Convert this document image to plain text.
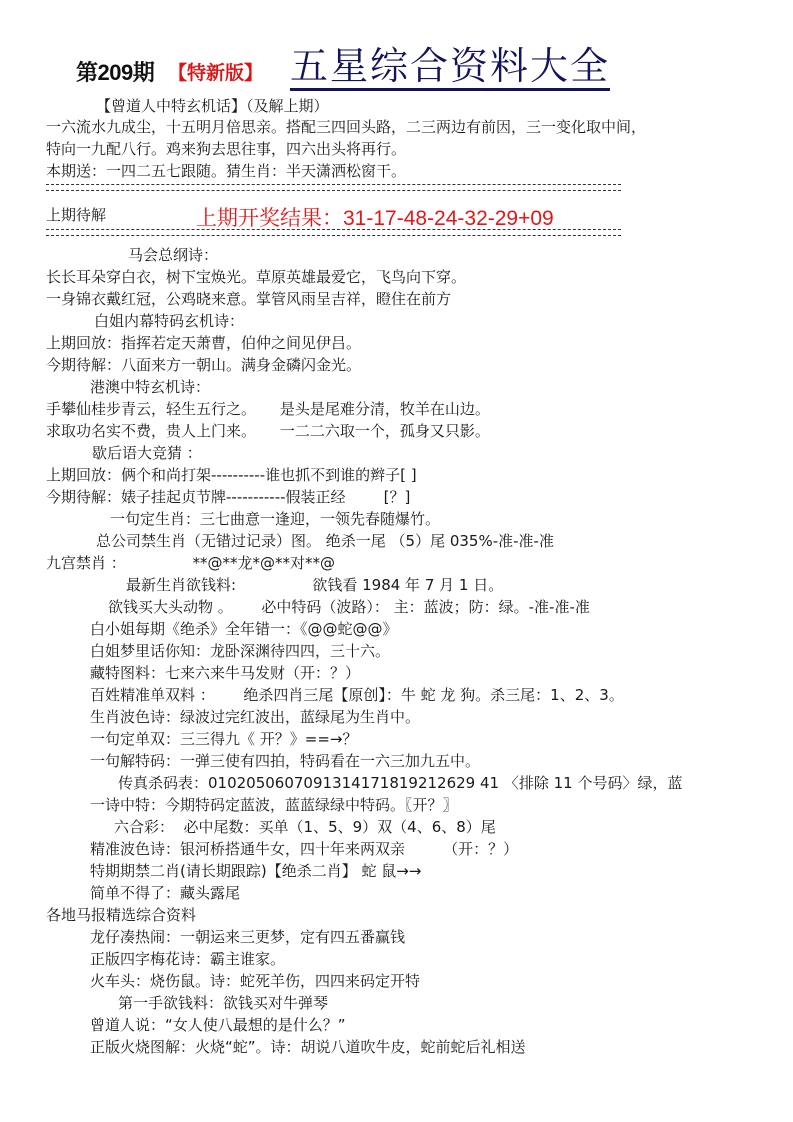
第209期 【特新版】 五星综合资料大全
【曾道人中特玄机话】（及解上期）
一六流水九成尘，十五明月倍思亲。搭配三四回头路，二三两边有前因，三一变化取中间，
特向一九配八行。鸡来狗去思往事，四六出头将再行。
本期送：一四二五七跟随。猜生肖：半天潇洒松窗干。
上期待解	上期开奖结果：31-17-48-24-32-29+09
马会总纲诗：
长长耳朵穿白衣，树下宝焕光。草原英雄最爱它，飞鸟向下穿。
一身锦衣戴红冠，公鸡晓来意。掌管风雨呈吉祥，瞪住在前方
白姐内幕特码玄机诗：
上期回放：指挥若定天萧曹，伯仲之间见伊吕。
今期待解：八面来方一朝山。满身金磷闪金光。
港澳中特玄机诗：
手攀仙桂步青云，轻生五行之。     是头是尾难分清，牧羊在山边。
求取功名实不费，贵人上门来。     一二二六取一个，孤身又只影。
歇后语大竞猜 ：
上期回放：俩个和尚打架----------谁也抓不到谁的辫子[ ]
今期待解：婊子挂起贞节牌-----------假装正经        [？]
一句定生肖：三七曲意一逢迎，一领先春随爆竹。
总公司禁生肖（无错过记录）图。 绝杀一尾 （5）尾 035%-准-准-准
九宫禁肖 ：              **@**龙*@**对**@
最新生肖欲钱料:                欲钱看 1984 年 7 月 1 日。
欲钱买大头动物 。      必中特码（波路）： 主：蓝波；防：绿。-准-准-准
白小姐每期《绝杀》全年错一：《@@蛇@@》
白姐梦里话你知：龙卧深渊待四四，三十六。
藏特图料：七来六来牛马发财（开：？）
百姓精准单双料 ：      绝杀四肖三尾【原创】：牛 蛇 龙 狗。杀三尾：1、2、3。
生肖波色诗：绿波过完红波出，蓝绿尾为生肖中。
一句定单双：三三得九《 开？》==→？
一句解特码：一弹三使有四拍，特码看在一六三加九五中。
传真杀码表：0102050607091314171819212629 41 〈排除 11 个号码〉绿，蓝
一诗中特：今期特码定蓝波，蓝蓝绿绿中特码。〖开？〗
六合彩：  必中尾数：买单（1、5、9）双（4、6、8）尾
精准波色诗：银河桥搭通牛女，四十年来两双亲        （开：？）
特期期禁二肖(请长期跟踪)【绝杀二肖】 蛇 鼠→→
简单不得了：藏头露尾
各地马报精选综合资料
龙仔凑热闹：一朝运来三更梦，定有四五番赢钱
正版四字梅花诗：霸主谁家。
火车头：烧伤鼠。诗：蛇死羊伤，四四来码定开特
第一手欲钱料：欲钱买对牛弹琴
曾道人说：“女人使八最想的是什么？”
正版火烧图解：火烧“蛇”。诗：胡说八道吹牛皮，蛇前蛇后礼相送
